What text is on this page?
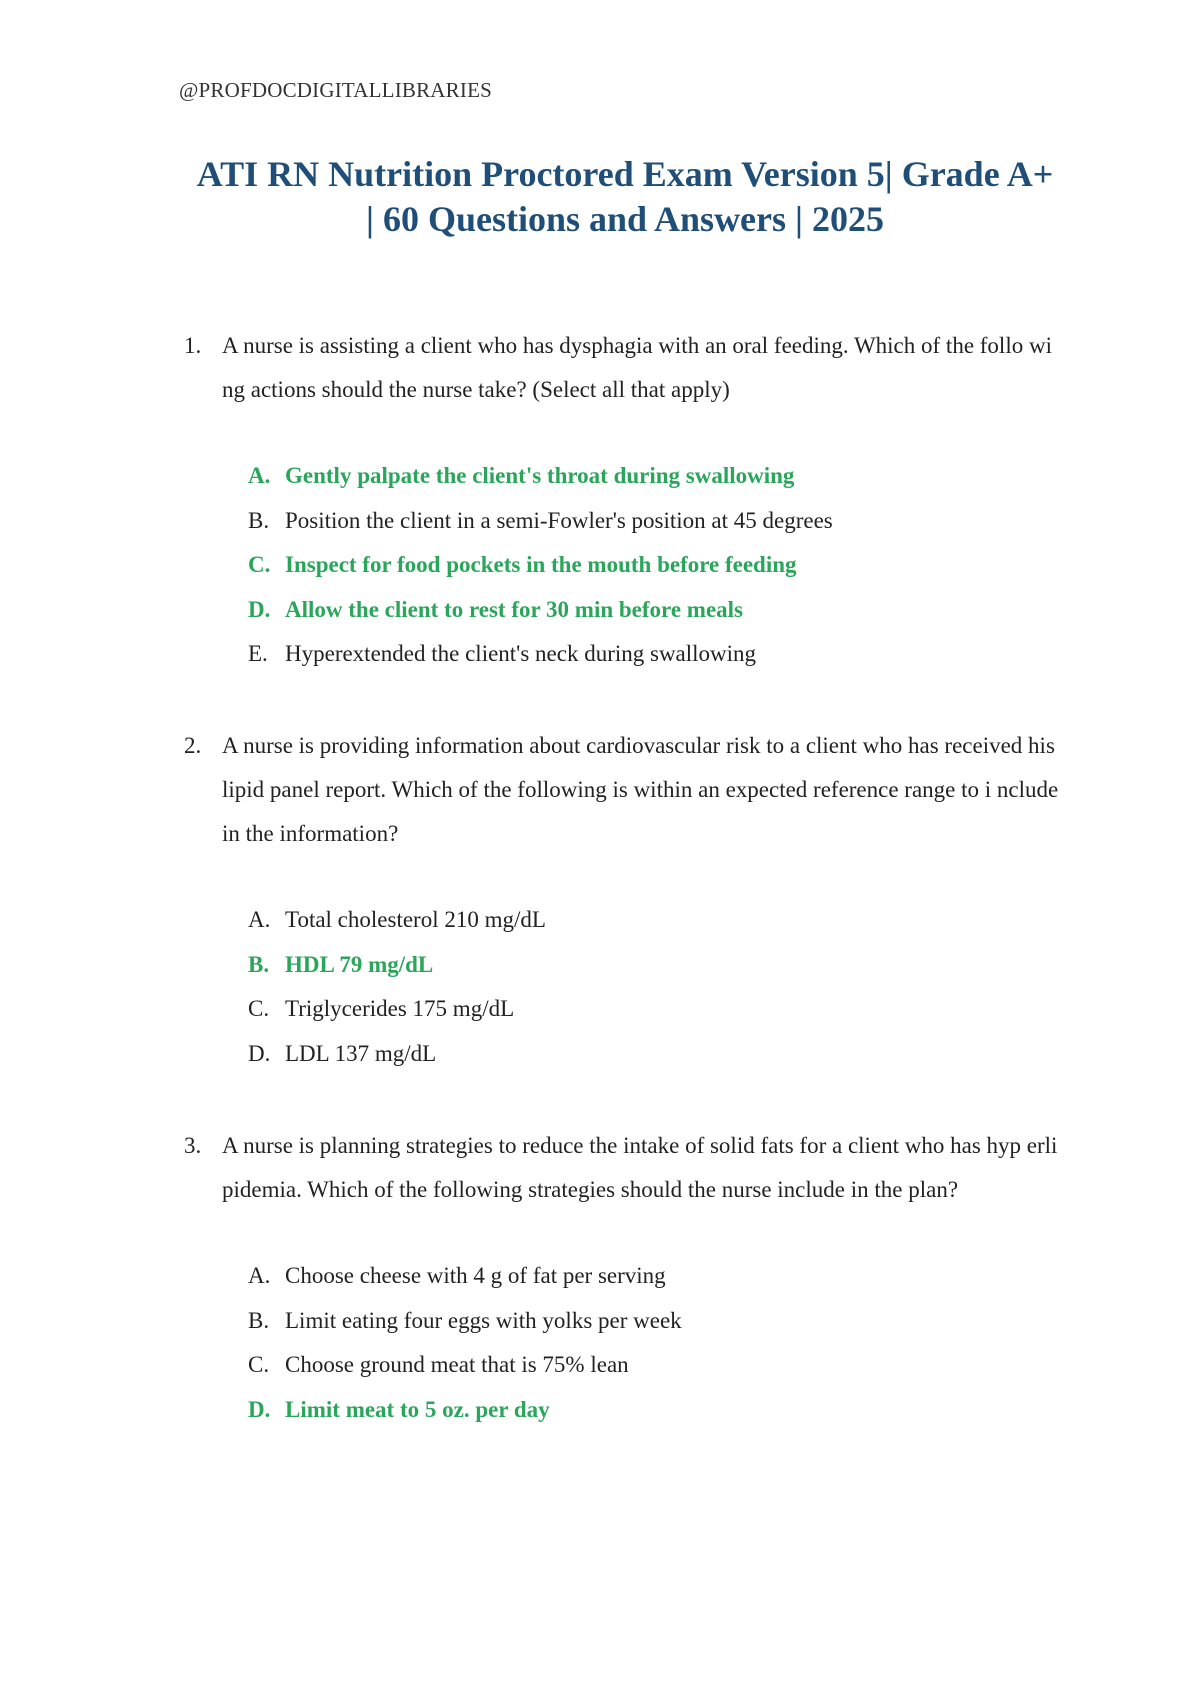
@PROFDOCDIGITALLIBRARIES
ATI RN Nutrition Proctored Exam Version 5| Grade A+
| 60 Questions and Answers | 2025
1. A nurse is assisting a client who has dysphagia with an oral feeding. Which of the follo wing actions should the nurse take? (Select all that apply)
A. Gently palpate the client's throat during swallowing
B. Position the client in a semi-Fowler's position at 45 degrees
C. Inspect for food pockets in the mouth before feeding
D. Allow the client to rest for 30 min before meals
E. Hyperextended the client's neck during swallowing
2. A nurse is providing information about cardiovascular risk to a client who has received his lipid panel report. Which of the following is within an expected reference range to i nclude in the information?
A. Total cholesterol 210 mg/dL
B. HDL 79 mg/dL
C. Triglycerides 175 mg/dL
D. LDL 137 mg/dL
3. A nurse is planning strategies to reduce the intake of solid fats for a client who has hyp erlipidemia. Which of the following strategies should the nurse include in the plan?
A. Choose cheese with 4 g of fat per serving
B. Limit eating four eggs with yolks per week
C. Choose ground meat that is 75% lean
D. Limit meat to 5 oz. per day
